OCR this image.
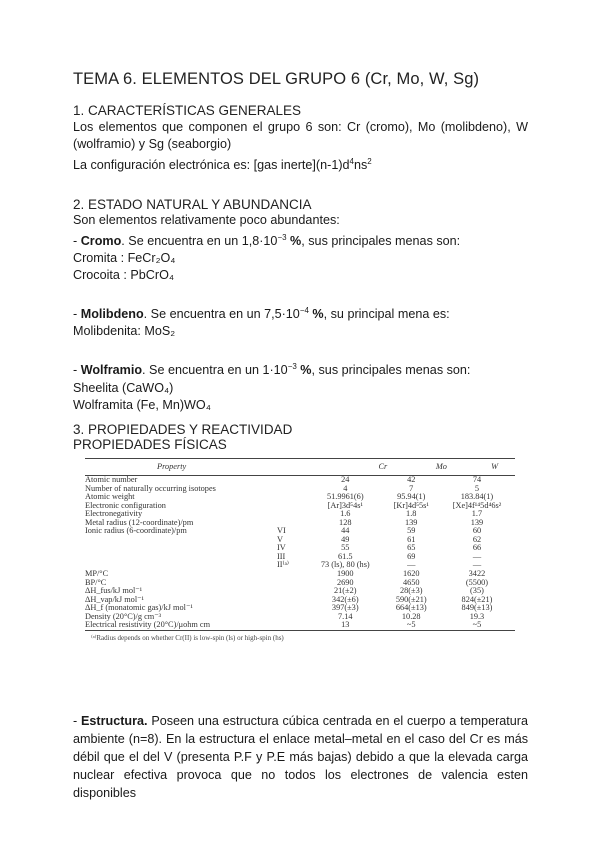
TEMA 6. ELEMENTOS DEL GRUPO 6 (Cr, Mo, W, Sg)
1. CARACTERÍSTICAS GENERALES
Los elementos que componen el grupo 6 son: Cr (cromo), Mo (molibdeno), W
(wolframio) y Sg (seaborgio)
La configuración electrónica es: [gas $inerte](n-1)d^4ns^2$
2. ESTADO NATURAL Y ABUNDANCIA
Son elementos relativamente poco abundantes:
- Cromo. Se encuentra en un $1,8\cdot 10^{-3}$ %, sus principales menas son:
Cromita : FeCr₂O₄
Crocoita : PbCrO₄
- Molibdeno. Se encuentra en un $7,5\cdot 10^{-4}$ %, su principal mena es:
Molibdenita: MoS₂
- Wolframio. Se encuentra en un $1\cdot 10^{-3}$ %, sus principales menas son:
Sheelita (CaWO₄)
Wolframita (Fe, Mn)WO₄
3. PROPIEDADES Y REACTIVIDAD
PROPIEDADES FÍSICAS
Property		Cr	Mo	W
Atomic number		24	42	74
Number of naturally occurring isotopes		4	7	5
Atomic weight		51.9961(6)	95.94(1)	183.84(1)
Electronic configuration		[Ar]3d⁵4s¹	[Kr]4d⁵5s¹	[Xe]4f¹⁴5d⁴6s²
Electronegativity		1.6	1.8	1.7
Metal radius (12-coordinate)/pm		128	139	139
Ionic radius (6-coordinate)/pm	VI	44	59	60
	V	49	61	62
	IV	55	65	66
	III	61.5	69	—
	II⁽ᵃ⁾	73 (ls), 80 (hs)	—	—
MP/°C		1900	1620	3422
BP/°C		2690	4650	(5500)
ΔH_fus/kJ mol⁻¹		21(±2)	28(±3)	(35)
ΔH_vap/kJ mol⁻¹		342(±6)	590(±21)	824(±21)
ΔH_f (monatomic gas)/kJ mol⁻¹		397(±3)	664(±13)	849(±13)
Density (20°C)/g cm⁻³		7.14	10.28	19.3
Electrical resistivity (20°C)/μohm cm		13	~5	~5
⁽ᵃ⁾Radius depends on whether Cr(II) is low-spin (ls) or high-spin (hs)
- Estructura. Poseen una estructura cúbica centrada en el cuerpo a temperatura
ambiente (n=8). En la estructura el enlace metal–metal en el caso del Cr es más
débil que el del V (presenta P.F y P.E más bajas) debido a que la elevada carga
nuclear efectiva provoca que no todos los electrones de valencia esten disponibles
